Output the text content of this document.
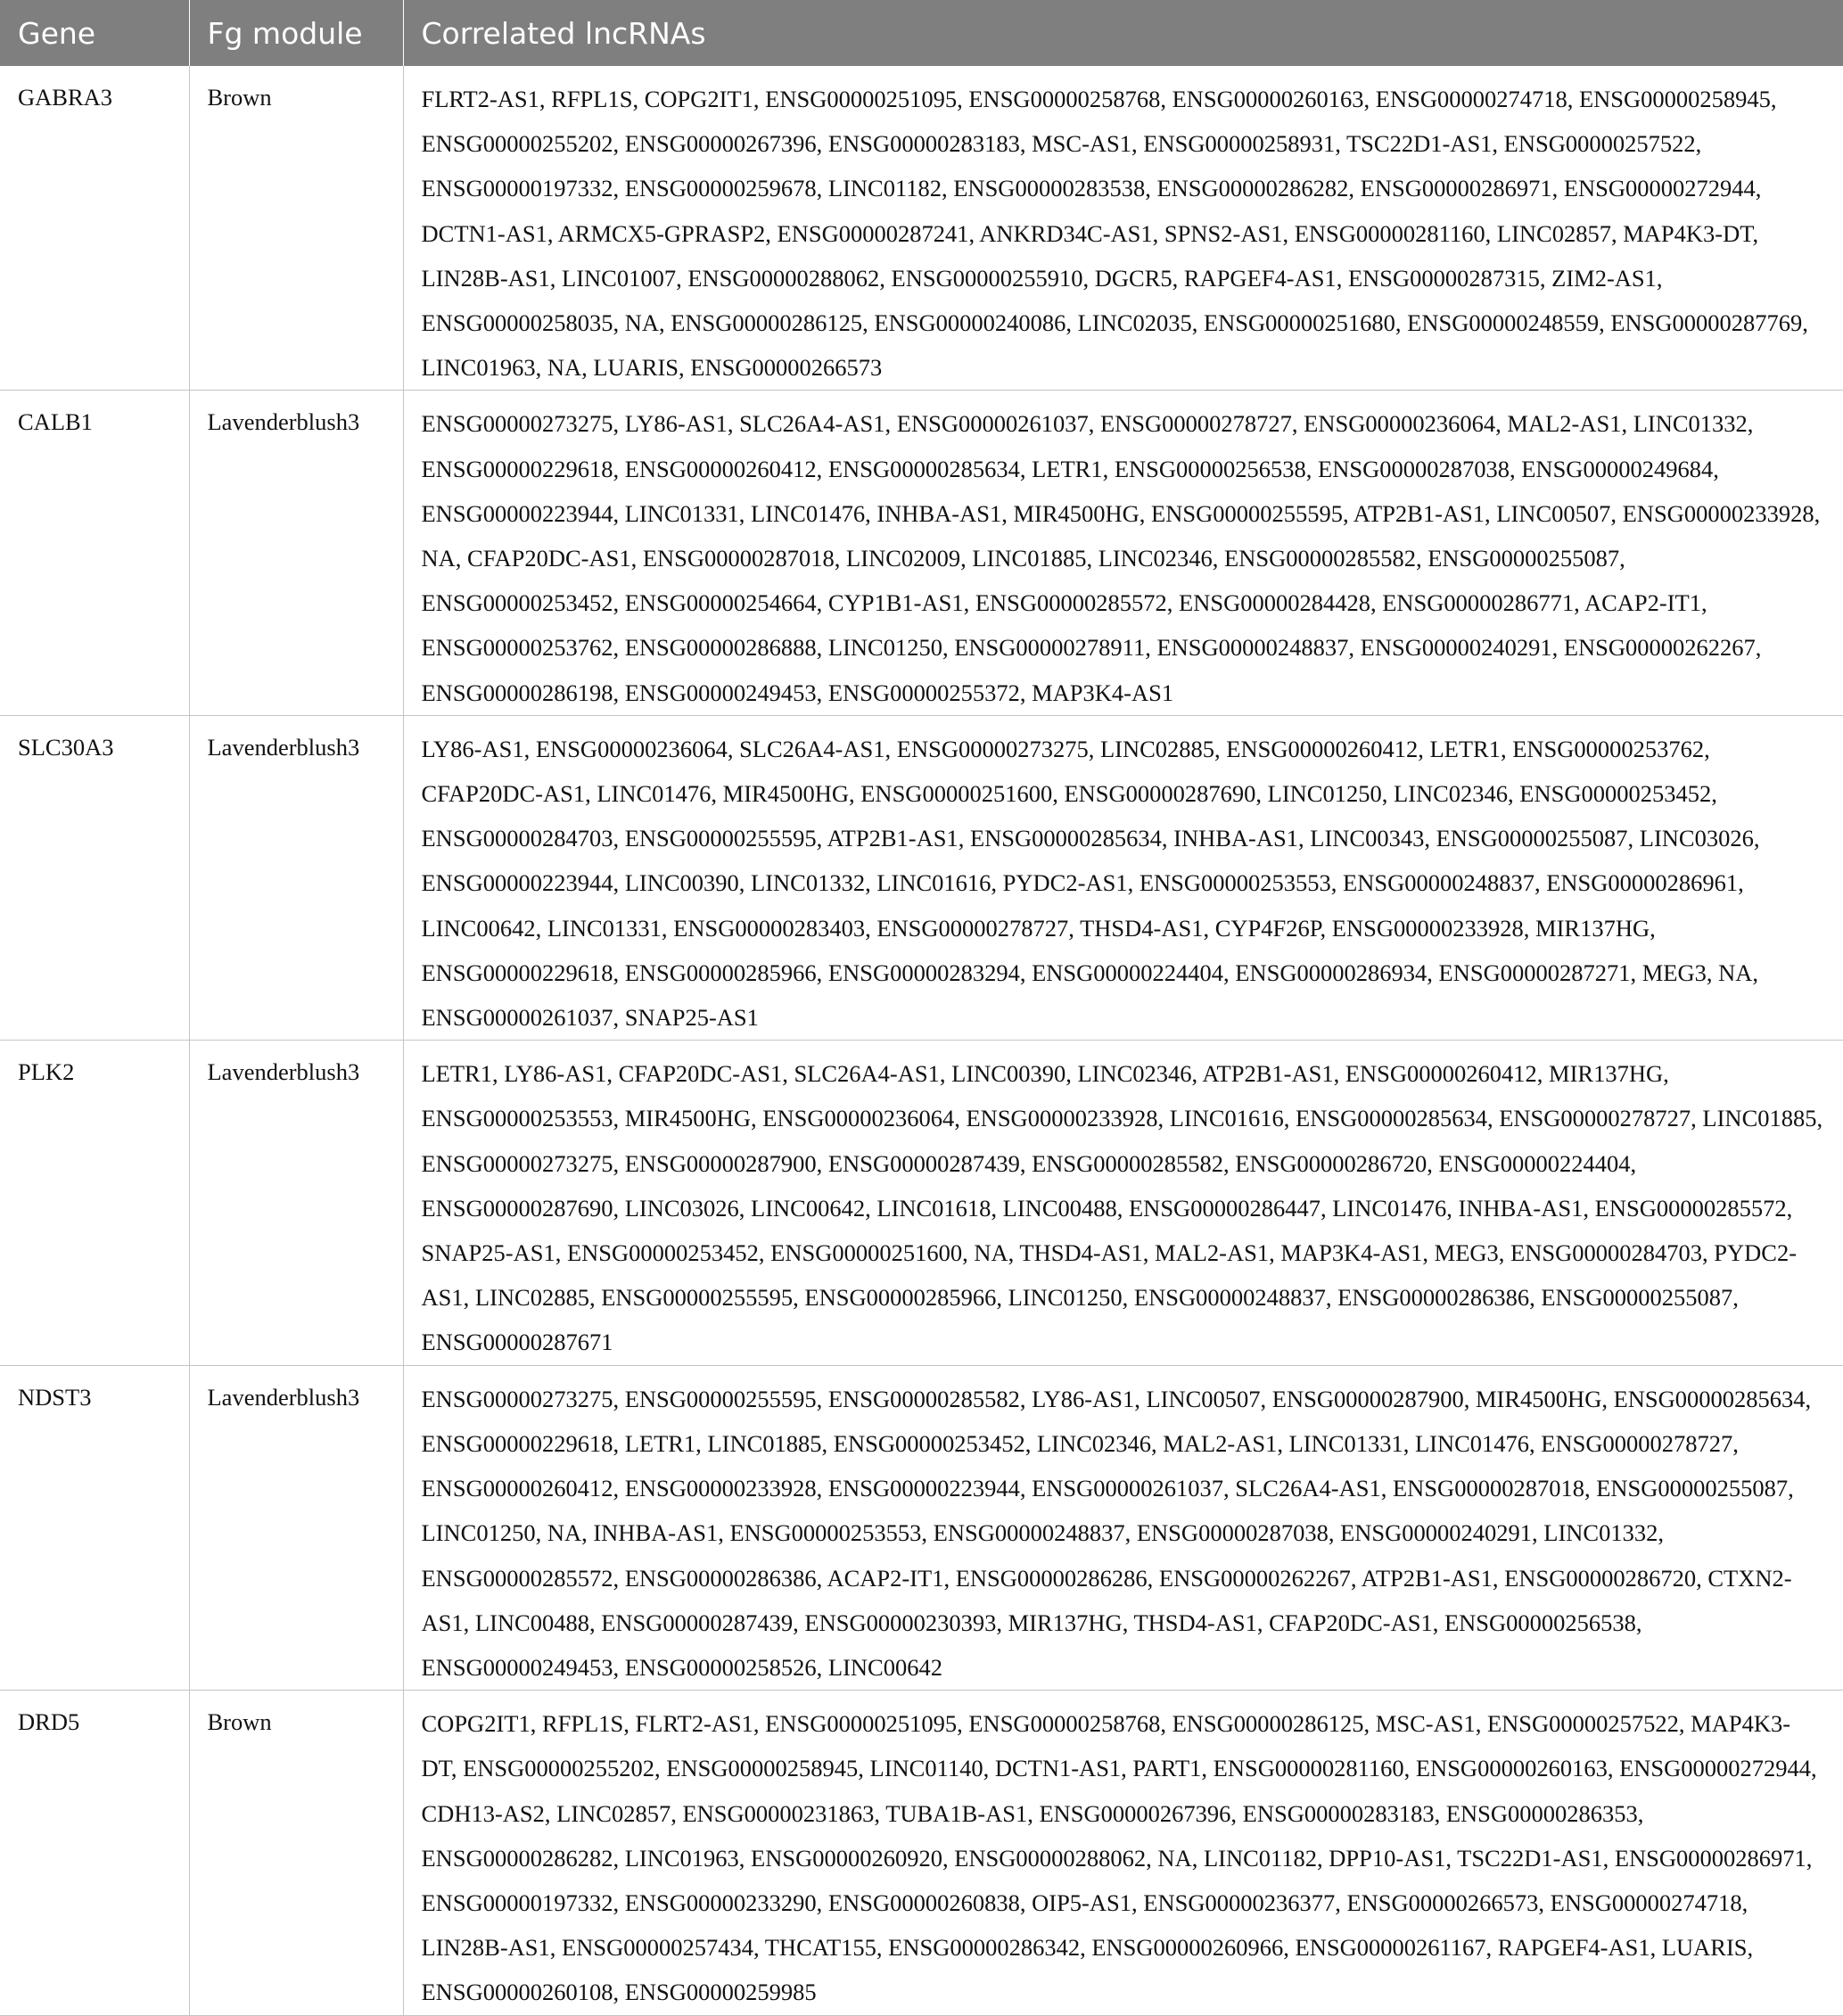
Gene	Fg module	Correlated lncRNAs
GABRA3	Brown	FLRT2-AS1, RFPL1S, COPG2IT1, ENSG00000251095, ENSG00000258768, ENSG00000260163, ENSG00000274718, ENSG00000258945, ENSG00000255202, ENSG00000267396, ENSG00000283183, MSC-AS1, ENSG00000258931, TSC22D1-AS1, ENSG00000257522, ENSG00000197332, ENSG00000259678, LINC01182, ENSG00000283538, ENSG00000286282, ENSG00000286971, ENSG00000272944, DCTN1-AS1, ARMCX5-GPRASP2, ENSG00000287241, ANKRD34C-AS1, SPNS2-AS1, ENSG00000281160, LINC02857, MAP4K3-DT, LIN28B-AS1, LINC01007, ENSG00000288062, ENSG00000255910, DGCR5, RAPGEF4-AS1, ENSG00000287315, ZIM2-AS1, ENSG00000258035, NA, ENSG00000286125, ENSG00000240086, LINC02035, ENSG00000251680, ENSG00000248559, ENSG00000287769, LINC01963, NA, LUARIS, ENSG00000266573
CALB1	Lavenderblush3	ENSG00000273275, LY86-AS1, SLC26A4-AS1, ENSG00000261037, ENSG00000278727, ENSG00000236064, MAL2-AS1, LINC01332, ENSG00000229618, ENSG00000260412, ENSG00000285634, LETR1, ENSG00000256538, ENSG00000287038, ENSG00000249684, ENSG00000223944, LINC01331, LINC01476, INHBA-AS1, MIR4500HG, ENSG00000255595, ATP2B1-AS1, LINC00507, ENSG00000233928, NA, CFAP20DC-AS1, ENSG00000287018, LINC02009, LINC01885, LINC02346, ENSG00000285582, ENSG00000255087, ENSG00000253452, ENSG00000254664, CYP1B1-AS1, ENSG00000285572, ENSG00000284428, ENSG00000286771, ACAP2-IT1, ENSG00000253762, ENSG00000286888, LINC01250, ENSG00000278911, ENSG00000248837, ENSG00000240291, ENSG00000262267, ENSG00000286198, ENSG00000249453, ENSG00000255372, MAP3K4-AS1
SLC30A3	Lavenderblush3	LY86-AS1, ENSG00000236064, SLC26A4-AS1, ENSG00000273275, LINC02885, ENSG00000260412, LETR1, ENSG00000253762, CFAP20DC-AS1, LINC01476, MIR4500HG, ENSG00000251600, ENSG00000287690, LINC01250, LINC02346, ENSG00000253452, ENSG00000284703, ENSG00000255595, ATP2B1-AS1, ENSG00000285634, INHBA-AS1, LINC00343, ENSG00000255087, LINC03026, ENSG00000223944, LINC00390, LINC01332, LINC01616, PYDC2-AS1, ENSG00000253553, ENSG00000248837, ENSG00000286961, LINC00642, LINC01331, ENSG00000283403, ENSG00000278727, THSD4-AS1, CYP4F26P, ENSG00000233928, MIR137HG, ENSG00000229618, ENSG00000285966, ENSG00000283294, ENSG00000224404, ENSG00000286934, ENSG00000287271, MEG3, NA, ENSG00000261037, SNAP25-AS1
PLK2	Lavenderblush3	LETR1, LY86-AS1, CFAP20DC-AS1, SLC26A4-AS1, LINC00390, LINC02346, ATP2B1-AS1, ENSG00000260412, MIR137HG, ENSG00000253553, MIR4500HG, ENSG00000236064, ENSG00000233928, LINC01616, ENSG00000285634, ENSG00000278727, LINC01885, ENSG00000273275, ENSG00000287900, ENSG00000287439, ENSG00000285582, ENSG00000286720, ENSG00000224404, ENSG00000287690, LINC03026, LINC00642, LINC01618, LINC00488, ENSG00000286447, LINC01476, INHBA-AS1, ENSG00000285572, SNAP25-AS1, ENSG00000253452, ENSG00000251600, NA, THSD4-AS1, MAL2-AS1, MAP3K4-AS1, MEG3, ENSG00000284703, PYDC2-AS1, LINC02885, ENSG00000255595, ENSG00000285966, LINC01250, ENSG00000248837, ENSG00000286386, ENSG00000255087, ENSG00000287671
NDST3	Lavenderblush3	ENSG00000273275, ENSG00000255595, ENSG00000285582, LY86-AS1, LINC00507, ENSG00000287900, MIR4500HG, ENSG00000285634, ENSG00000229618, LETR1, LINC01885, ENSG00000253452, LINC02346, MAL2-AS1, LINC01331, LINC01476, ENSG00000278727, ENSG00000260412, ENSG00000233928, ENSG00000223944, ENSG00000261037, SLC26A4-AS1, ENSG00000287018, ENSG00000255087, LINC01250, NA, INHBA-AS1, ENSG00000253553, ENSG00000248837, ENSG00000287038, ENSG00000240291, LINC01332, ENSG00000285572, ENSG00000286386, ACAP2-IT1, ENSG00000286286, ENSG00000262267, ATP2B1-AS1, ENSG00000286720, CTXN2-AS1, LINC00488, ENSG00000287439, ENSG00000230393, MIR137HG, THSD4-AS1, CFAP20DC-AS1, ENSG00000256538, ENSG00000249453, ENSG00000258526, LINC00642
DRD5	Brown	COPG2IT1, RFPL1S, FLRT2-AS1, ENSG00000251095, ENSG00000258768, ENSG00000286125, MSC-AS1, ENSG00000257522, MAP4K3-DT, ENSG00000255202, ENSG00000258945, LINC01140, DCTN1-AS1, PART1, ENSG00000281160, ENSG00000260163, ENSG00000272944, CDH13-AS2, LINC02857, ENSG00000231863, TUBA1B-AS1, ENSG00000267396, ENSG00000283183, ENSG00000286353, ENSG00000286282, LINC01963, ENSG00000260920, ENSG00000288062, NA, LINC01182, DPP10-AS1, TSC22D1-AS1, ENSG00000286971, ENSG00000197332, ENSG00000233290, ENSG00000260838, OIP5-AS1, ENSG00000236377, ENSG00000266573, ENSG00000274718, LIN28B-AS1, ENSG00000257434, THCAT155, ENSG00000286342, ENSG00000260966, ENSG00000261167, RAPGEF4-AS1, LUARIS, ENSG00000260108, ENSG00000259985
